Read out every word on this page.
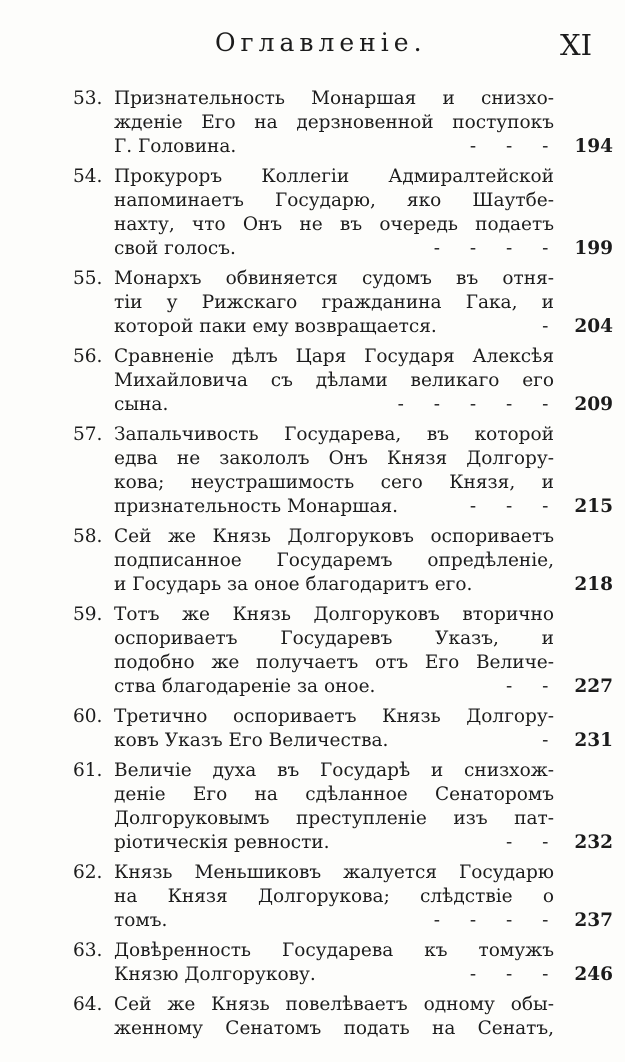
Оглавленіе.	XI
53. Признательность Монаршая и снизхо-
жденіе Его на дерзновенной поступокъ
Г. Головина.	- - - 194
54. Прокуроръ Коллегіи Адмиралтейской
напоминаетъ Государю, яко Шаутбе-
нахту, что Онъ не въ очередь подаетъ
свой голосъ.	- - - - 199
55. Монархъ обвиняется судомъ въ отня-
тіи у Рижскаго гражданина Гака, и
которой паки ему возвращается.	- 204
56. Сравненіе дѣлъ Царя Государя Алексѣя
Михайловича съ дѣлами великаго его
сына.	- - - - - 209
57. Запальчивость Государева, въ которой
едва не закололъ Онъ Князя Долгору-
кова; неустрашимость сего Князя, и
признательность Монаршая.	- - - 215
58. Сей же Князь Долгоруковъ оспориваетъ
подписанное Государемъ опредѣленіе,
и Государь за оное благодаритъ его.	218
59. Тотъ же Князь Долгоруковъ вторично
оспориваетъ Государевъ Указъ, и
подобно же получаетъ отъ Его Величе-
ства благодареніе за оное.	- - 227
60. Третично оспориваетъ Князь Долгору-
ковъ Указъ Его Величества.	- 231
61. Величіе духа въ Государѣ и снизхож-
деніе Его на сдѣланное Сенаторомъ
Долгоруковымъ преступленіе изъ пат-
ріотическія ревности.	- - 232
62. Князь Меньшиковъ жалуется Государю
на Князя Долгорукова; слѣдствіе о
томъ.	- - - - 237
63. Довѣренность Государева къ томужъ
Князю Долгорукову.	- - - 246
64. Сей же Князь повелѣваетъ одному обы-
женному Сенатомъ подать на Сенатъ,
